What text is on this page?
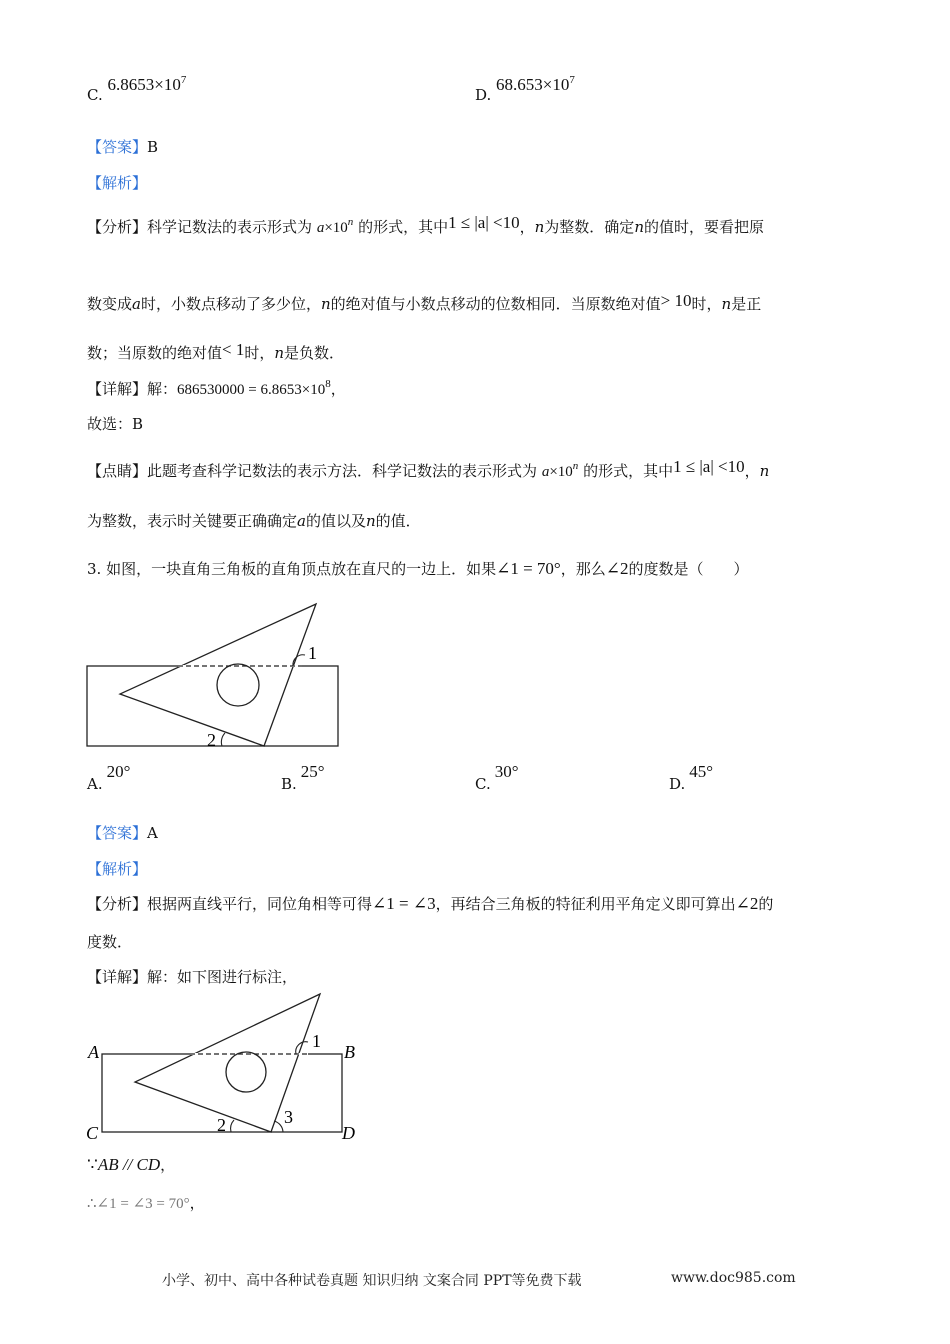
C. $6.8653\times 10^7$
D. $68.653\times 10^7$
【答案】B
【解析】
【分析】科学记数法的表示形式为 $a\times 10^n$ 的形式，其中1 ≤ |a| <10，n为整数．确定n的值时，要看把原
数变成a时，小数点移动了多少位，n的绝对值与小数点移动的位数相同．当原数绝对值> 10时，n是正
数；当原数的绝对值< 1时，n是负数．
【详解】解：$686530000 = 6.8653\times 10^8$，
故选：B
【点睛】此题考查科学记数法的表示方法．科学记数法的表示形式为 $a\times 10^n$ 的形式，其中1 ≤ |a| <10，n
为整数，表示时关键要正确确定a的值以及n的值．
3. 如图，一块直角三角板的直角顶点放在直尺的一边上．如果∠1 = 70°，那么∠2的度数是（　　）
1
2
A.20°
B.25°
C.30°
D.45°
【答案】A
【解析】
【分析】根据两直线平行，同位角相等可得∠1 = ∠3，再结合三角板的特征利用平角定义即可算出∠2的
度数．
【详解】解：如下图进行标注，
1
2	3
A	B
C	D
∵AB // CD，
∴∠1 = ∠3 = 70°，
小学、初中、高中各种试卷真题 知识归纳 文案合同 PPT等免费下载	www.doc985.com
